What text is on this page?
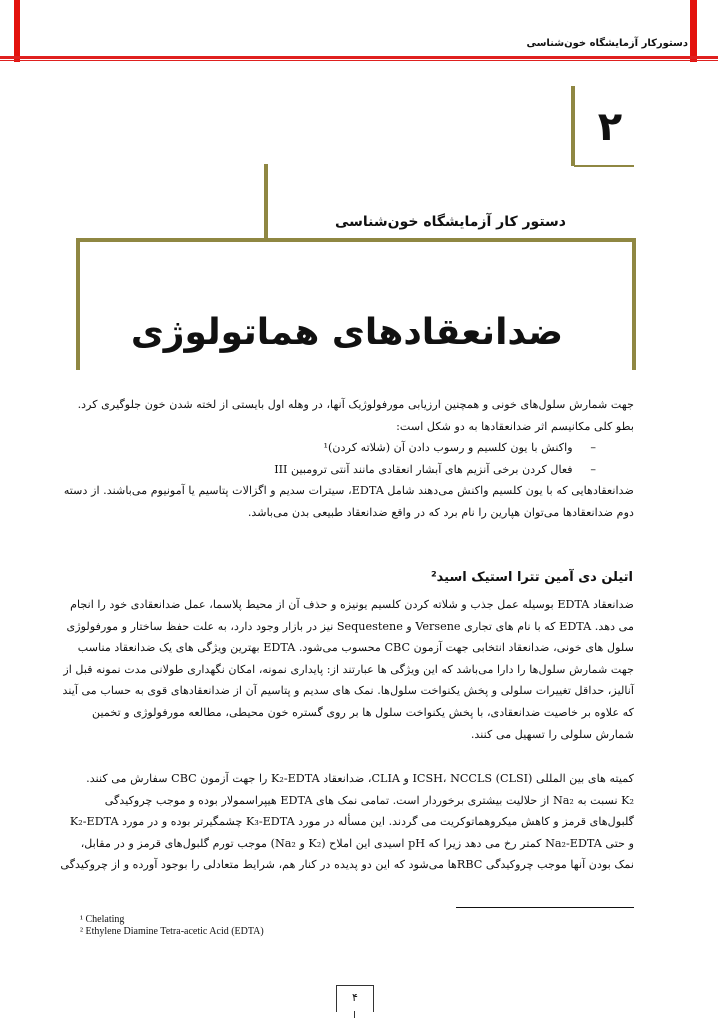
دستورکار آزمایشگاه خون‌شناسی
۲
دستور کار آزمایشگاه خون‌شناسی
ضدانعقادهای هماتولوژی
جهت شمارش سلول‌های خونی و همچنین ارزیابی مورفولوژیک آنها، در وهله اول بایستی از لخته شدن خون جلوگیری کرد.
بطو کلی مکانیسم اثر ضدانعقادها به دو شکل است:
–     واکنش با یون کلسیم و رسوب دادن آن (شلاته کردن)¹
–     فعال کردن برخی آنزیم های آبشار انعقادی مانند آنتی ترومبین III
ضدانعقادهایی که با یون کلسیم واکنش می‌دهند شامل EDTA، سیترات سدیم و اگزالات پتاسیم یا آمونیوم می‌باشند. از دسته
دوم ضدانعقادها می‌توان هپارین را نام برد که در واقع ضدانعقاد طبیعی بدن می‌باشد.
اتیلن دی آمین تترا استیک اسید²
ضدانعقاد EDTA بوسیله عمل جذب و شلاته کردن کلسیم یونیزه و حذف آن از محیط پلاسما، عمل ضدانعقادی خود را انجام
می دهد. EDTA که با نام های تجاری Versene و Sequestene نیز در بازار وجود دارد، به علت حفظ ساختار و مورفولوژی
سلول های خونی، ضدانعقاد انتخابی جهت آزمون CBC محسوب می‌شود. EDTA بهترین ویژگی های یک ضدانعقاد مناسب
جهت شمارش سلول‌ها را دارا می‌باشد که این ویژگی ها عبارتند از: پایداری نمونه، امکان نگهداری طولانی مدت نمونه قبل از
آنالیز، حداقل تغییرات سلولی و پخش یکنواخت سلول‌ها. نمک های سدیم و پتاسیم آن از ضدانعقادهای قوی به حساب می آیند
که علاوه بر خاصیت ضدانعقادی، با پخش یکنواخت سلول ها بر روی گستره خون محیطی، مطالعه مورفولوژی و تخمین
شمارش سلولی را تسهیل می کنند.
کمیته های بین المللی ICSH، NCCLS (CLSI) و CLIA، ضدانعقاد K₂-EDTA را جهت آزمون CBC سفارش می کنند.
K₂ نسبت به Na₂ از حلالیت بیشتری برخوردار است. تمامی نمک های EDTA هیپراسمولار بوده و موجب چروکیدگی
گلبول‌های قرمز و کاهش میکروهماتوکریت می گردند. این مسأله در مورد K₃-EDTA چشمگیرتر بوده و در مورد K₂-EDTA
و حتی Na₂-EDTA کمتر رخ می دهد زیرا که pH اسیدی این املاح (K₂ و Na₂) موجب تورم گلبول‌های قرمز و در مقابل،
نمک بودن آنها موجب چروکیدگی RBCها می‌شود که این دو پدیده در کنار هم، شرایط متعادلی را بوجود آورده و از چروکیدگی
¹ Chelating
² Ethylene Diamine Tetra-acetic Acid (EDTA)
۴
